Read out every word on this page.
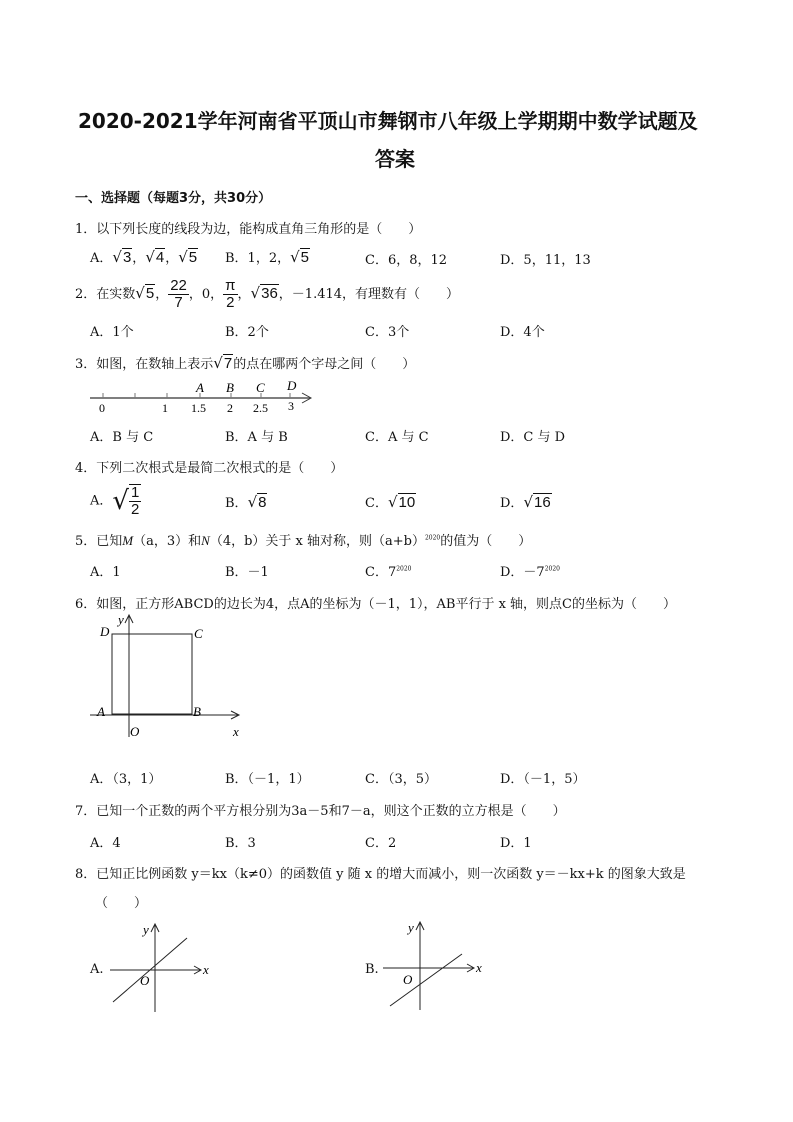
2020-2021学年河南省平顶山市舞钢市八年级上学期期中数学试题及
答案
一、选择题（每题3分，共30分）
1．以下列长度的线段为边，能构成直角三角形的是（　　）
A．√3，√4，√5 B．1，2，√5	C．6，8，12	D．5，11，13
2．在实数√5， $\frac{22}{7}$ ，0， $\frac{\pi}{2}$ ，√36，－1.414，有理数有（　　）
A．1个	B．2个	C．3个	D．4个
3．如图，在数轴上表示√7的点在哪两个字母之间（　　）
A B C D
0	1 1.5 2 2.5 3
A．B 与 C	B．A 与 B	C．A 与 C	D．C 与 D
4．下列二次根式是最简二次根式的是（　　）
A．√ $\frac{1}{2}$	B．√8	C．√10	D．√16
5．已知M（a，3）和N（4，b）关于 x 轴对称，则$(a+b)^{2020}$的值为（　　）
A．1	B．－1	C．$7^{2020}$	D．$-7^{2020}$
6．如图，正方形ABCD的边长为4，点A的坐标为（－1，1），AB平行于 x 轴，则点C的坐标为（　　）
D	C
A	B
O	x
y
A．（3，1）	B．（－1，1）	C．（3，5）	D．（－1，5）
7．已知一个正数的两个平方根分别为3a－5和7－a，则这个正数的立方根是（　　）
A．4	B．3	C．2	D．1
8．已知正比例函数 y＝kx（k≠0）的函数值 y 随 x 的增大而减小，则一次函数 y＝－kx+k 的图象大致是
（　　）
A.	x
y
O
B.	x
y
O
